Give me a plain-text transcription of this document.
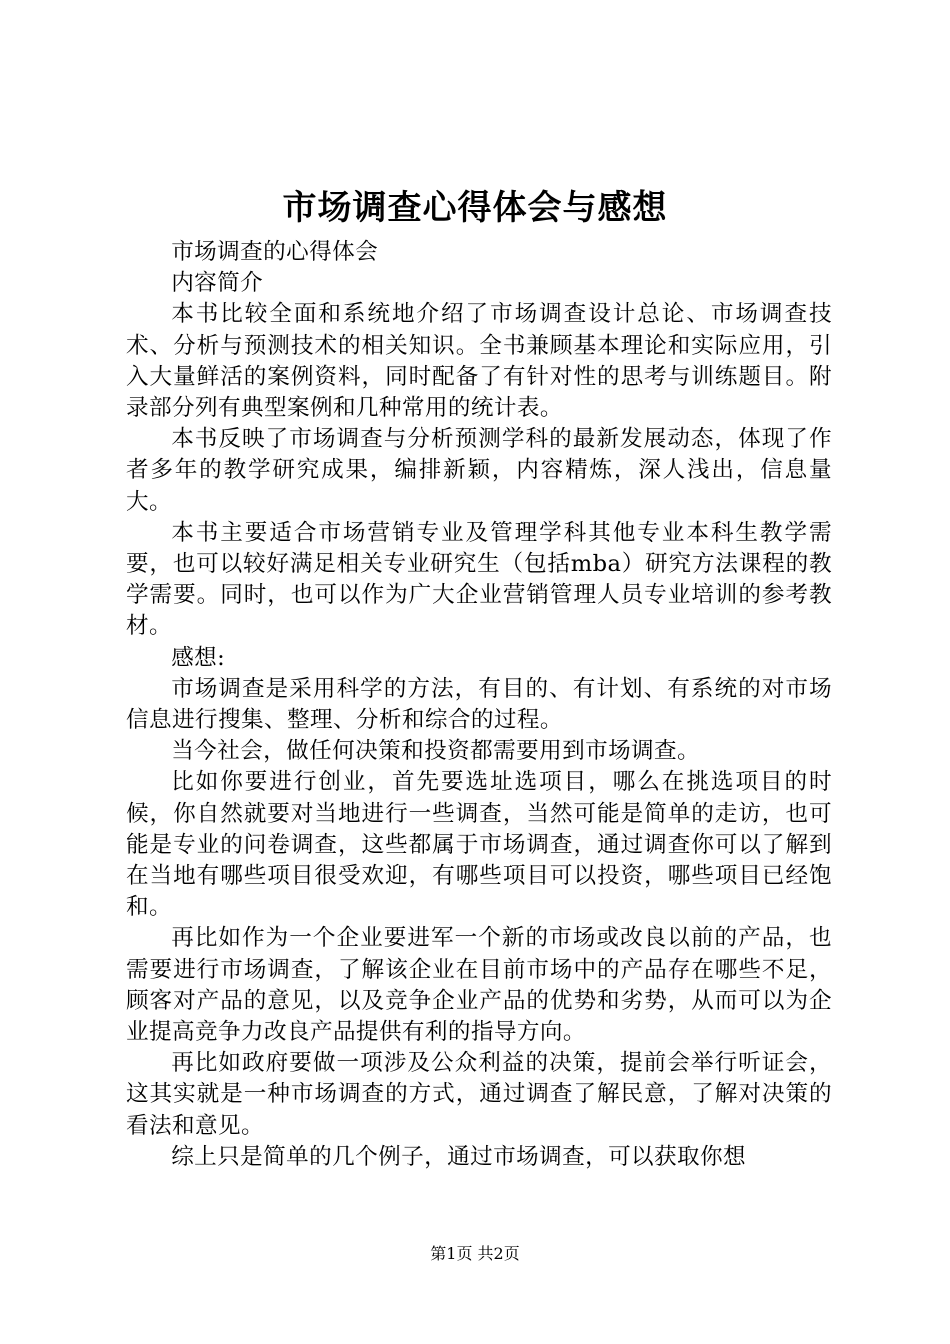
市场调查心得体会与感想

市场调查的心得体会

内容简介

本书比较全面和系统地介绍了市场调查设计总论、市场调查技术、分析与预测技术的相关知识。全书兼顾基本理论和实际应用，引入大量鲜活的案例资料，同时配备了有针对性的思考与训练题目。附录部分列有典型案例和几种常用的统计表。

本书反映了市场调查与分析预测学科的最新发展动态，体现了作者多年的教学研究成果，编排新颖，内容精炼，深人浅出，信息量大。

本书主要适合市场营销专业及管理学科其他专业本科生教学需要，也可以较好满足相关专业研究生（包括mba）研究方法课程的教学需要。同时，也可以作为广大企业营销管理人员专业培训的参考教材。

感想:

市场调查是采用科学的方法，有目的、有计划、有系统的对市场信息进行搜集、整理、分析和综合的过程。

当今社会，做任何决策和投资都需要用到市场调查。

比如你要进行创业，首先要选址选项目，哪么在挑选项目的时候，你自然就要对当地进行一些调查，当然可能是简单的走访，也可能是专业的问卷调查，这些都属于市场调查，通过调查你可以了解到在当地有哪些项目很受欢迎，有哪些项目可以投资，哪些项目已经饱和。

再比如作为一个企业要进军一个新的市场或改良以前的产品，也需要进行市场调查，了解该企业在目前市场中的产品存在哪些不足，顾客对产品的意见，以及竞争企业产品的优势和劣势，从而可以为企业提高竞争力改良产品提供有利的指导方向。

再比如政府要做一项涉及公众利益的决策，提前会举行听证会，这其实就是一种市场调查的方式，通过调查了解民意，了解对决策的看法和意见。

综上只是简单的几个例子，通过市场调查，可以获取你想

第1页 共2页
